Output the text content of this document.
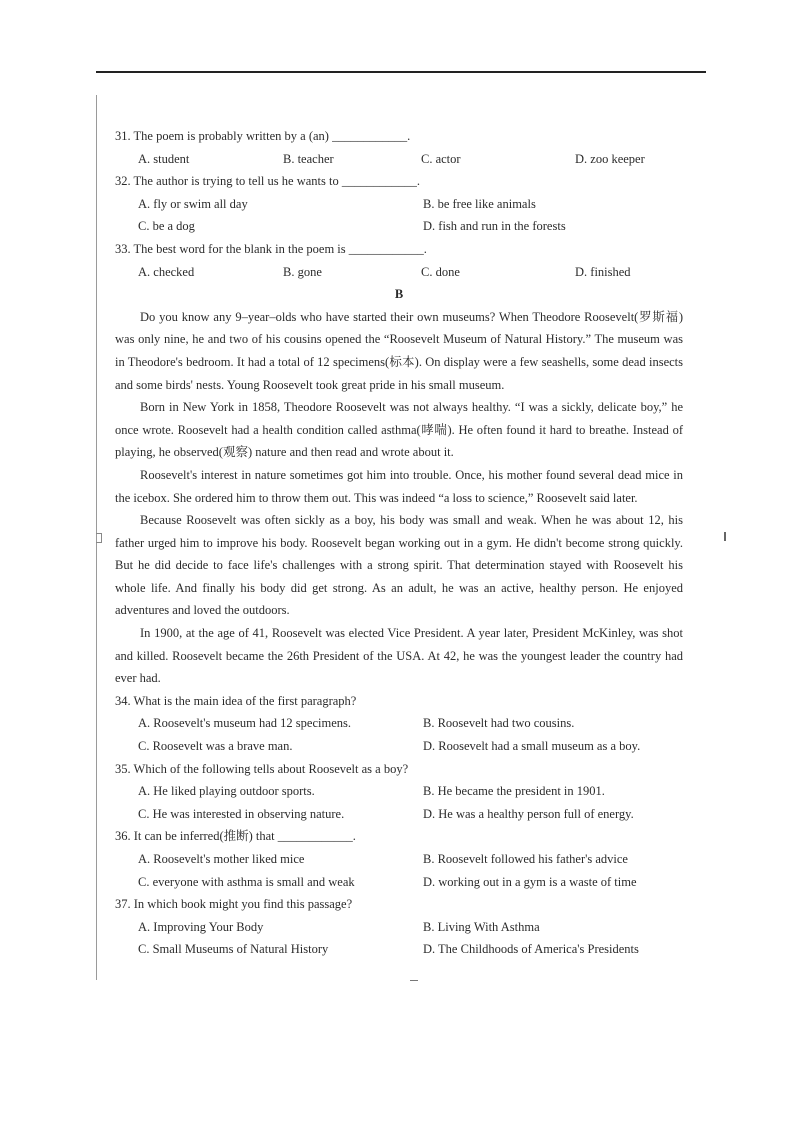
31. The poem is probably written by a (an) ____________.

A. student	B. teacher	C. actor	D. zoo keeper

32. The author is trying to tell us he wants to ____________.

A. fly or swim all day	B. be free like animals
C. be a dog	D. fish and run in the forests

33. The best word for the blank in the poem is ____________.

A. checked	B. gone	C. done	D. finished

B

Do you know any 9–year–olds who have started their own museums? When Theodore Roosevelt(罗斯福) was only nine, he and two of his cousins opened the “Roosevelt Museum of Natural History.” The museum was in Theodore's bedroom. It had a total of 12 specimens(标本). On display were a few seashells, some dead insects and some birds' nests. Young Roosevelt took great pride in his small museum.

Born in New York in 1858, Theodore Roosevelt was not always healthy. “I was a sickly, delicate boy,” he once wrote. Roosevelt had a health condition called asthma(哮喘). He often found it hard to breathe. Instead of playing, he observed(观察) nature and then read and wrote about it.

Roosevelt's interest in nature sometimes got him into trouble. Once, his mother found several dead mice in the icebox. She ordered him to throw them out. This was indeed “a loss to science,” Roosevelt said later.

Because Roosevelt was often sickly as a boy, his body was small and weak. When he was about 12, his father urged him to improve his body. Roosevelt began working out in a gym. He didn't become strong quickly. But he did decide to face life's challenges with a strong spirit. That determination stayed with Roosevelt his whole life. And finally his body did get strong. As an adult, he was an active, healthy person. He enjoyed adventures and loved the outdoors.

In 1900, at the age of 41, Roosevelt was elected Vice President. A year later, President McKinley, was shot and killed. Roosevelt became the 26th President of the USA. At 42, he was the youngest leader the country had ever had.

34. What is the main idea of the first paragraph?

A. Roosevelt's museum had 12 specimens.	B. Roosevelt had two cousins.
C. Roosevelt was a brave man.	D. Roosevelt had a small museum as a boy.

35. Which of the following tells about Roosevelt as a boy?

A. He liked playing outdoor sports.	B. He became the president in 1901.
C. He was interested in observing nature.	D. He was a healthy person full of energy.

36. It can be inferred(推断) that ____________.

A. Roosevelt's mother liked mice	B. Roosevelt followed his father's advice
C. everyone with asthma is small and weak	D. working out in a gym is a waste of time

37. In which book might you find this passage?

A. Improving Your Body	B. Living With Asthma
C. Small Museums of Natural History	D. The Childhoods of America's Presidents
